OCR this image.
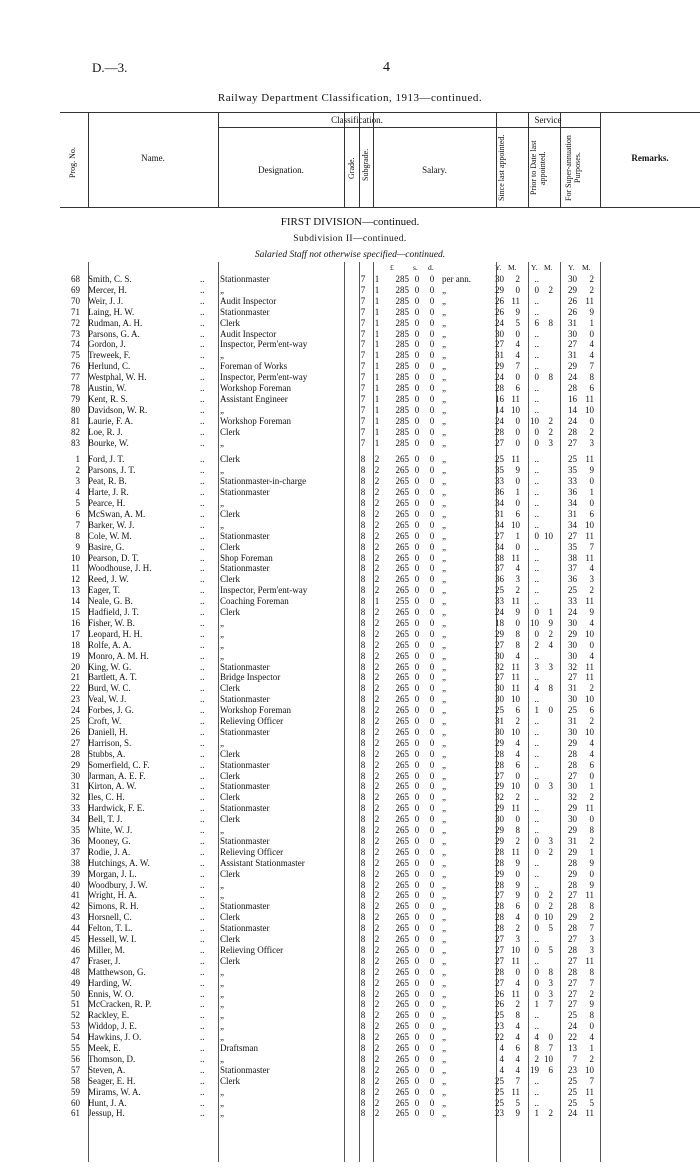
D.—3.	4
Railway Department Classification, 1913—continued.
Prog. No.	Name.
Classification.
Designation.	Grade. Subgrade.	Salary.
Service
Since last appointed.	Prior to Date last appointed.	For Super-annuation Purposes.	Remarks.
FIRST DIVISION—continued.
Subdivision II—continued.
Salaried Staff not otherwise specified—continued.
£	s. d.	Y. M. Y. M. Y. M.
68 Smith, C. S.	.. Stationmaster	7	1	285 0	0 per ann.	30	2	..	30	2
69 Mercer, H.	.. „	7	1	285 0	0 „	29	0	0	2	29	2
70 Weir, J. J.	.. Audit Inspector	7	1	285 0	0 „	26 11	..	26 11
71 Laing, H. W.	.. Stationmaster	7	1	285 0	0 „	26	9	..	26	9
72 Rudman, A. H.	.. Clerk	7	1	285 0	0 „	24	5	6	8	31	1
73 Parsons, G. A.	.. Audit Inspector	7	1	285 0	0 „	30	0	..	30	0
74 Gordon, J.	.. Inspector, Perm'ent-way	7	1	285 0	0 „	27	4	..	27	4
75 Treweek, F.	.. „	7	1	285 0	0 „	31	4	..	31	4
76 Herlund, C.	.. Foreman of Works	7	1	285 0	0 „	29	7	..	29	7
77 Westphal, W. H.	.. Inspector, Perm'ent-way	7	1	285 0	0 „	24	0	0	8	24	8
78 Austin, W.	.. Workshop Foreman	7	1	285 0	0 „	28	6	..	28	6
79 Kent, R. S.	.. Assistant Engineer	7	1	285 0	0 „	16 11	..	16 11
80 Davidson, W. R.	.. „	7	1	285 0	0 „	14 10	..	14 10
81 Laurie, F. A.	.. Workshop Foreman	7	1	285 0	0 „	24	0	10	2	24	0
82 Loe, R. J.	.. Clerk	7	1	285 0	0 „	28	0	0	2	28	2
83 Bourke, W.	.. „	7	1	285 0	0 „	27	0	0	3	27	3
1 Ford, J. T.	.. Clerk	8	2	265 0	0 „	25 11	..	25 11
2 Parsons, J. T.	.. „	8	2	265 0	0 „	35	9	..	35	9
3 Peat, R. B.	.. Stationmaster-in-charge	8	2	265 0	0 „	33	0	..	33	0
4 Harte, J. R.	.. Stationmaster	8	2	265 0	0 „	36	1	..	36	1
5 Pearce, H.	.. „	8	2	265 0	0 „	34	0	..	34	0
6 McSwan, A. M.	.. Clerk	8	2	265 0	0 „	31	6	..	31	6
7 Barker, W. J.	.. „	8	2	265 0	0 „	34 10	..	34 10
8 Cole, W. M.	.. Stationmaster	8	2	265 0	0 „	27	1	0 10	27 11
9 Basire, G.	.. Clerk	8	2	265 0	0 „	34	0	..	35	7
10 Pearson, D. T.	.. Shop Foreman	8	2	265 0	0 „	38 11	..	38 11
11 Woodhouse, J. H.	.. Stationmaster	8	2	265 0	0 „	37	4	..	37	4
12 Reed, J. W.	.. Clerk	8	2	265 0	0 „	36	3	..	36	3
13 Eager, T.	.. Inspector, Perm'ent-way	8	2	265 0	0 „	25	2	..	25	2
14 Neale, G. B.	.. Coaching Foreman	8	1	255 0	0 „	33 11	..	33 11
15 Hadfield, J. T.	.. Clerk	8	2	265 0	0 „	24	9	0	1	24	9
16 Fisher, W. B.	.. „	8	2	265 0	0 „	18	0	10	9	30	4
17 Leopard, H. H.	.. „	8	2	265 0	0 „	29	8	0	2	29 10
18 Rolfe, A. A.	.. „	8	2	265 0	0 „	27	8	2	4	30	0
19 Monro, A. M. H.	.. „	8	2	265 0	0 „	30	4	..	30	4
20 King, W. G.	.. Stationmaster	8	2	265 0	0 „	32 11	3	3	32 11
21 Bartlett, A. T.	.. Bridge Inspector	8	2	265 0	0 „	27 11	..	27 11
22 Burd, W. C.	.. Clerk	8	2	265 0	0 „	30 11	4	8	31	2
23 Veal, W. J.	.. Stationmaster	8	2	265 0	0 „	30 10	..	30 10
24 Forbes, J. G.	.. Workshop Foreman	8	2	265 0	0 „	25	6	1	0	25	6
25 Croft, W.	.. Relieving Officer	8	2	265 0	0 „	31	2	..	31	2
26 Daniell, H.	.. Stationmaster	8	2	265 0	0 „	30 10	..	30 10
27 Harrison, S.	.. „	8	2	265 0	0 „	29	4	..	29	4
28 Stubbs, A.	.. Clerk	8	2	265 0	0 „	28	4	..	28	4
29 Somerfield, C. F.	.. Stationmaster	8	2	265 0	0 „	28	6	..	28	6
30 Jarman, A. E. F.	.. Clerk	8	2	265 0	0 „	27	0	..	27	0
31 Kirton, A. W.	.. Stationmaster	8	2	265 0	0 „	29 10	0	3	30	1
32 Iles, C. H.	.. Clerk	8	2	265 0	0 „	32	2	..	32	2
33 Hardwick, F. E.	.. Stationmaster	8	2	265 0	0 „	29 11	..	29 11
34 Bell, T. J.	.. Clerk	8	2	265 0	0 „	30	0	..	30	0
35 White, W. J.	.. „	8	2	265 0	0 „	29	8	..	29	8
36 Mooney, G.	.. Stationmaster	8	2	265 0	0 „	29	2	0	3	31	2
37 Rodie, J. A.	.. Relieving Officer	8	2	265 0	0 „	28 11	0	2	29	1
38 Hutchings, A. W.	.. Assistant Stationmaster	8	2	265 0	0 „	28	9	..	28	9
39 Morgan, J. L.	.. Clerk	8	2	265 0	0 „	29	0	..	29	0
40 Woodbury, J. W.	.. „	8	2	265 0	0 „	28	9	..	28	9
41 Wright, H. A.	.. „	8	2	265 0	0 „	27	9	0	2	27 11
42 Simons, R. H.	.. Stationmaster	8	2	265 0	0 „	28	6	0	2	28	8
43 Horsnell, C.	.. Clerk	8	2	265 0	0 „	28	4	0 10	29	2
44 Felton, T. L.	.. Stationmaster	8	2	265 0	0 „	28	2	0	5	28	7
45 Hessell, W. I.	.. Clerk	8	2	265 0	0 „	27	3	..	27	3
46 Miller, M.	.. Relieving Officer	8	2	265 0	0 „	27 10	0	5	28	3
47 Fraser, J.	.. Clerk	8	2	265 0	0 „	27 11	..	27 11
48 Matthewson, G.	.. „	8	2	265 0	0 „	28	0	0	8	28	8
49 Harding, W.	.. „	8	2	265 0	0 „	27	4	0	3	27	7
50 Ennis, W. O.	.. „	8	2	265 0	0 „	26 11	0	3	27	2
51 McCracken, R. P.	.. „	8	2	265 0	0 „	26	2	1	7	27	9
52 Rackley, E.	.. „	8	2	265 0	0 „	25	8	..	25	8
53 Widdop, J. E.	.. „	8	2	265 0	0 „	23	4	..	24	0
54 Hawkins, J. O.	.. „	8	2	265 0	0 „	22	4	4	0	22	4
55 Meek, E.	.. Draftsman	8	2	265 0	0 „	4	6	8	7	13	1
56 Thomson, D.	.. „	8	2	265 0	0 „	4	4	2 10	7	2
57 Steven, A.	.. Stationmaster	8	2	265 0	0 „	4	4	19	6	23 10
58 Seager, E. H.	.. Clerk	8	2	265 0	0 „	25	7	..	25	7
59 Mirams, W. A.	.. „	8	2	265 0	0 „	25 11	..	25 11
60 Hunt, J. A.	.. „	8	2	265 0	0 „	25	5	..	25	5
61 Jessup, H.	.. „	8	2	265 0	0 „	23	9	1	2	24 11
